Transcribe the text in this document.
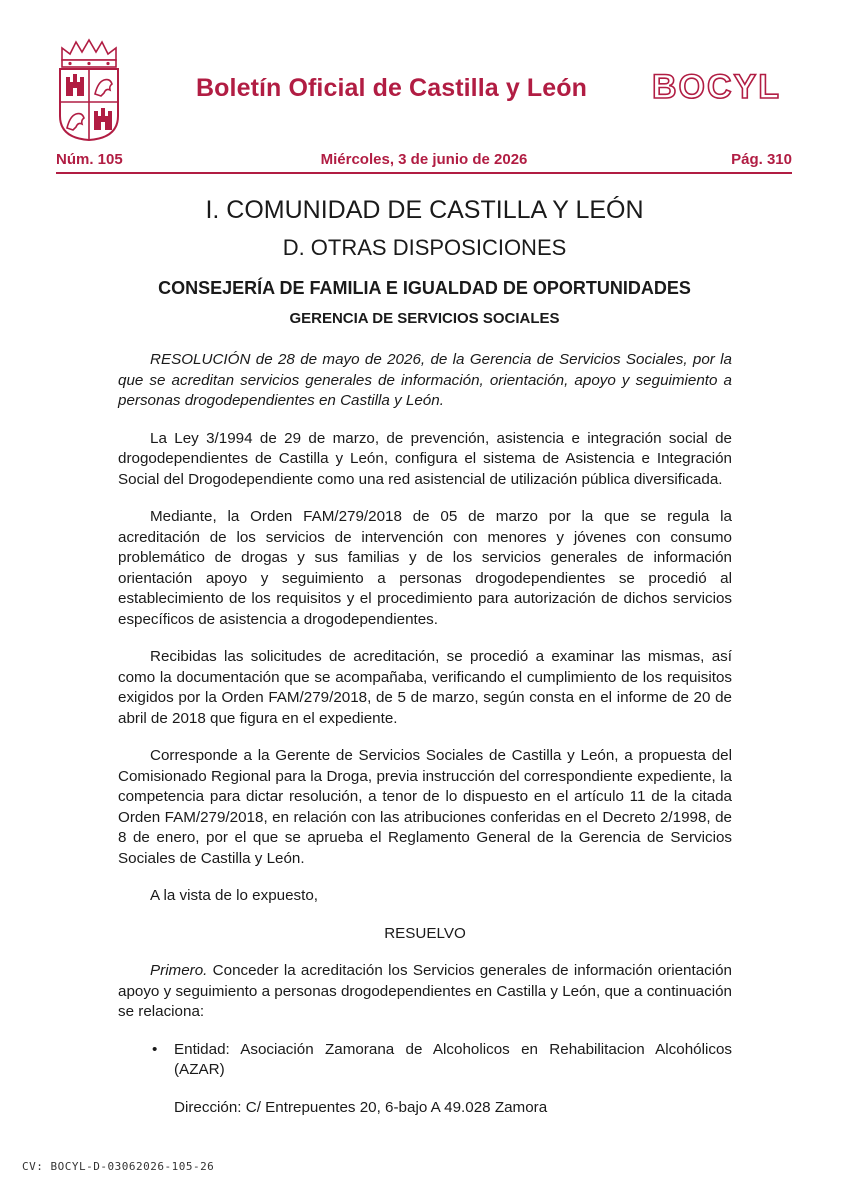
Boletín Oficial de Castilla y León BOCYL
Miércoles, 3 de junio de 2026
Núm. 105	Pág. 310
I. COMUNIDAD DE CASTILLA Y LEÓN
D. OTRAS DISPOSICIONES
CONSEJERÍA DE FAMILIA E IGUALDAD DE OPORTUNIDADES
GERENCIA DE SERVICIOS SOCIALES

RESOLUCIÓN de 28 de mayo de 2026, de la Gerencia de Servicios Sociales, por la que se acreditan servicios generales de información, orientación, apoyo y seguimiento a personas drogodependientes en Castilla y León.

La Ley 3/1994 de 29 de marzo, de prevención, asistencia e integración social de drogodependientes de Castilla y León, configura el sistema de Asistencia e Integración Social del Drogodependiente como una red asistencial de utilización pública diversificada.

Mediante, la Orden FAM/279/2018 de 05 de marzo por la que se regula la acreditación de los servicios de intervención con menores y jóvenes con consumo problemático de drogas y sus familias y de los servicios generales de información orientación apoyo y seguimiento a personas drogodependientes se procedió al establecimiento de los requisitos y el procedimiento para autorización de dichos servicios específicos de asistencia a drogodependientes.

Recibidas las solicitudes de acreditación, se procedió a examinar las mismas, así como la documentación que se acompañaba, verificando el cumplimiento de los requisitos exigidos por la Orden FAM/279/2018, de 5 de marzo, según consta en el informe de 20 de abril de 2018 que figura en el expediente.

Corresponde a la Gerente de Servicios Sociales de Castilla y León, a propuesta del Comisionado Regional para la Droga, previa instrucción del correspondiente expediente, la competencia para dictar resolución, a tenor de lo dispuesto en el artículo 11 de la citada Orden FAM/279/2018, en relación con las atribuciones conferidas en el Decreto 2/1998, de 8 de enero, por el que se aprueba el Reglamento General de la Gerencia de Servicios Sociales de Castilla y León.

A la vista de lo expuesto,

RESUELVO

Primero. Conceder la acreditación los Servicios generales de información orientación apoyo y seguimiento a personas drogodependientes en Castilla y León, que a continuación se relaciona:

• Entidad: Asociación Zamorana de Alcoholicos en Rehabilitacion Alcohólicos (AZAR)
Dirección: C/ Entrepuentes 20, 6-bajo A 49.028 Zamora
CV: BOCYL-D-03062026-105-26
